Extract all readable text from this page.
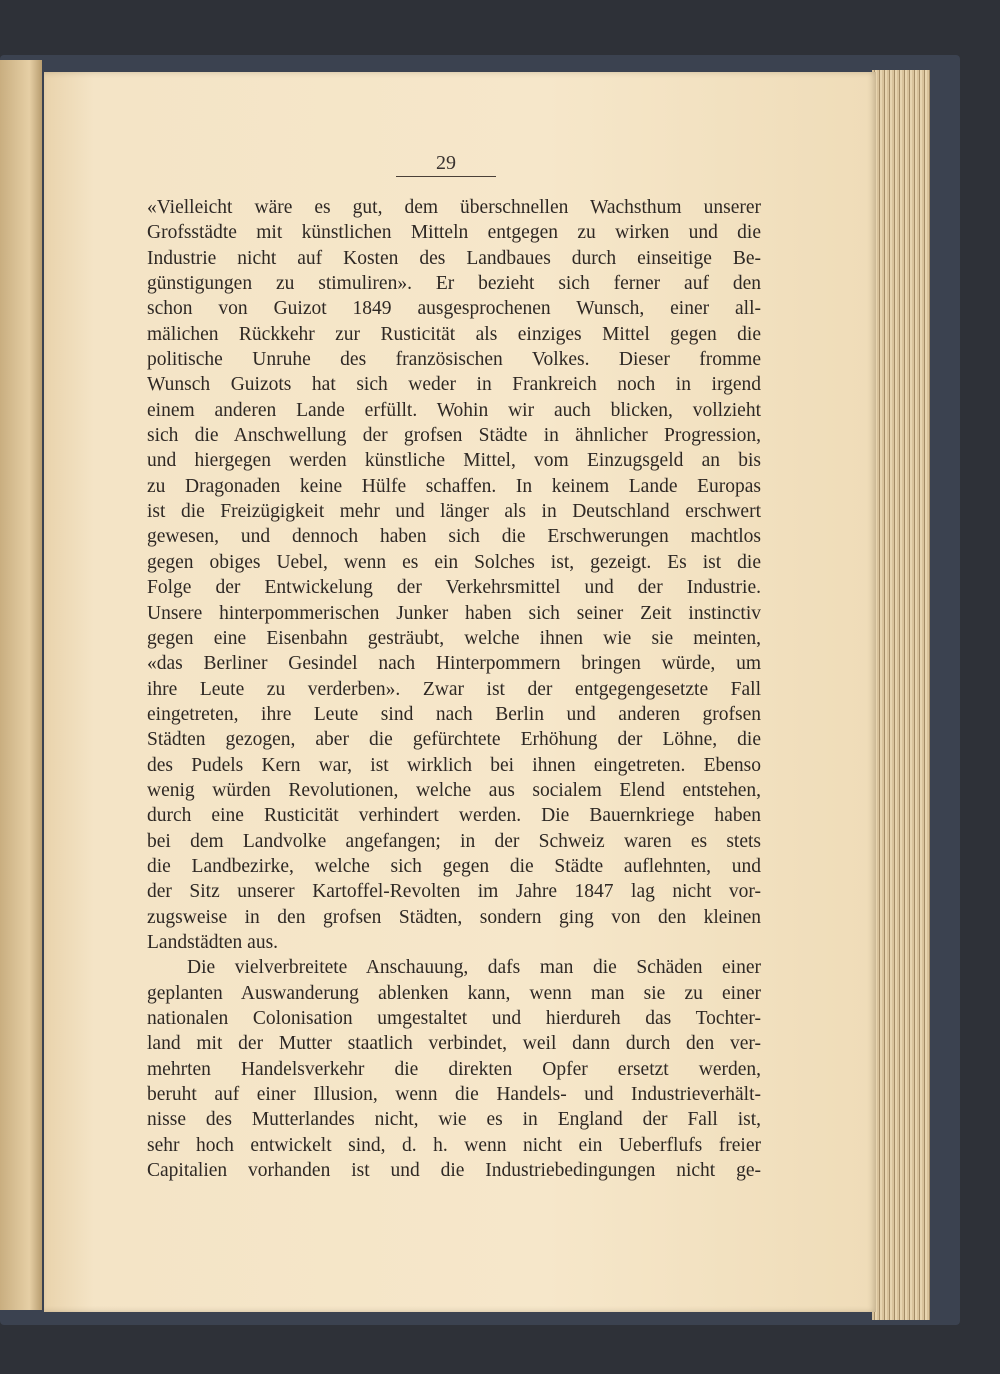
29
«Vielleicht wäre es gut, dem überschnellen Wachsthum unserer
Grofsstädte mit künstlichen Mitteln entgegen zu wirken und die
Industrie nicht auf Kosten des Landbaues durch einseitige Be-
günstigungen zu stimuliren». Er bezieht sich ferner auf den
schon von Guizot 1849 ausgesprochenen Wunsch, einer all-
mälichen Rückkehr zur Rusticität als einziges Mittel gegen die
politische Unruhe des französischen Volkes. Dieser fromme
Wunsch Guizots hat sich weder in Frankreich noch in irgend
einem anderen Lande erfüllt. Wohin wir auch blicken, vollzieht
sich die Anschwellung der grofsen Städte in ähnlicher Progression,
und hiergegen werden künstliche Mittel, vom Einzugsgeld an bis
zu Dragonaden keine Hülfe schaffen. In keinem Lande Europas
ist die Freizügigkeit mehr und länger als in Deutschland erschwert
gewesen, und dennoch haben sich die Erschwerungen machtlos
gegen obiges Uebel, wenn es ein Solches ist, gezeigt. Es ist die
Folge der Entwickelung der Verkehrsmittel und der Industrie.
Unsere hinterpommerischen Junker haben sich seiner Zeit instinctiv
gegen eine Eisenbahn gesträubt, welche ihnen wie sie meinten,
«das Berliner Gesindel nach Hinterpommern bringen würde, um
ihre Leute zu verderben». Zwar ist der entgegengesetzte Fall
eingetreten, ihre Leute sind nach Berlin und anderen grofsen
Städten gezogen, aber die gefürchtete Erhöhung der Löhne, die
des Pudels Kern war, ist wirklich bei ihnen eingetreten. Ebenso
wenig würden Revolutionen, welche aus socialem Elend entstehen,
durch eine Rusticität verhindert werden. Die Bauernkriege haben
bei dem Landvolke angefangen; in der Schweiz waren es stets
die Landbezirke, welche sich gegen die Städte auflehnten, und
der Sitz unserer Kartoffel-Revolten im Jahre 1847 lag nicht vor-
zugsweise in den grofsen Städten, sondern ging von den kleinen
Landstädten aus.
Die vielverbreitete Anschauung, dafs man die Schäden einer
geplanten Auswanderung ablenken kann, wenn man sie zu einer
nationalen Colonisation umgestaltet und hierdureh das Tochter-
land mit der Mutter staatlich verbindet, weil dann durch den ver-
mehrten Handelsverkehr die direkten Opfer ersetzt werden,
beruht auf einer Illusion, wenn die Handels- und Industrieverhält-
nisse des Mutterlandes nicht, wie es in England der Fall ist,
sehr hoch entwickelt sind, d. h. wenn nicht ein Ueberflufs freier
Capitalien vorhanden ist und die Industriebedingungen nicht ge-
